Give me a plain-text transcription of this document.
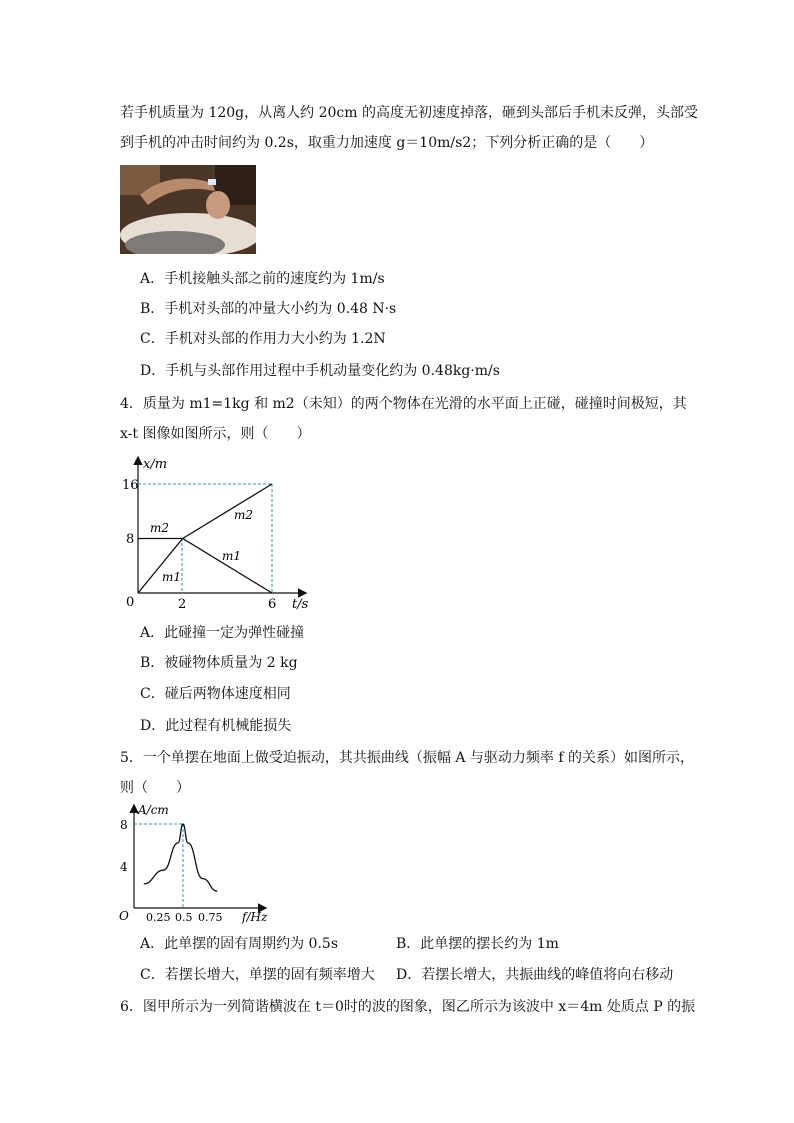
若手机质量为 120g，从离人约 20cm 的高度无初速度掉落，砸到头部后手机未反弹，头部受
到手机的冲击时间约为 0.2s，取重力加速度 g＝10m/s2；下列分析正确的是（　　）
A．手机接触头部之前的速度约为 1m/s
B．手机对头部的冲量大小约为 0.48 N·s
C．手机对头部的作用力大小约为 1.2N
D．手机与头部作用过程中手机动量变化约为 0.48kg·m/s
4．质量为 m1=1kg 和 m2（未知）的两个物体在光滑的水平面上正碰，碰撞时间极短，其
x-t 图像如图所示，则（　　）
16
8
0	2	6
x/m
t/s
m2
m1
m2
m1
A．此碰撞一定为弹性碰撞
B．被碰物体质量为 2 kg
C．碰后两物体速度相同
D．此过程有机械能损失
5．一个单摆在地面上做受迫振动，其共振曲线（振幅 A 与驱动力频率 f 的关系）如图所示，
则（　　）
8
4
O 0.25 0.5 0.75
A/cm
f/Hz
A．此单摆的固有周期约为 0.5s	B．此单摆的摆长约为 1m
C．若摆长增大，单摆的固有频率增大 D．若摆长增大，共振曲线的峰值将向右移动
6．图甲所示为一列简谐横波在 t＝0时的波的图象，图乙所示为该波中 x＝4m 处质点 P 的振
